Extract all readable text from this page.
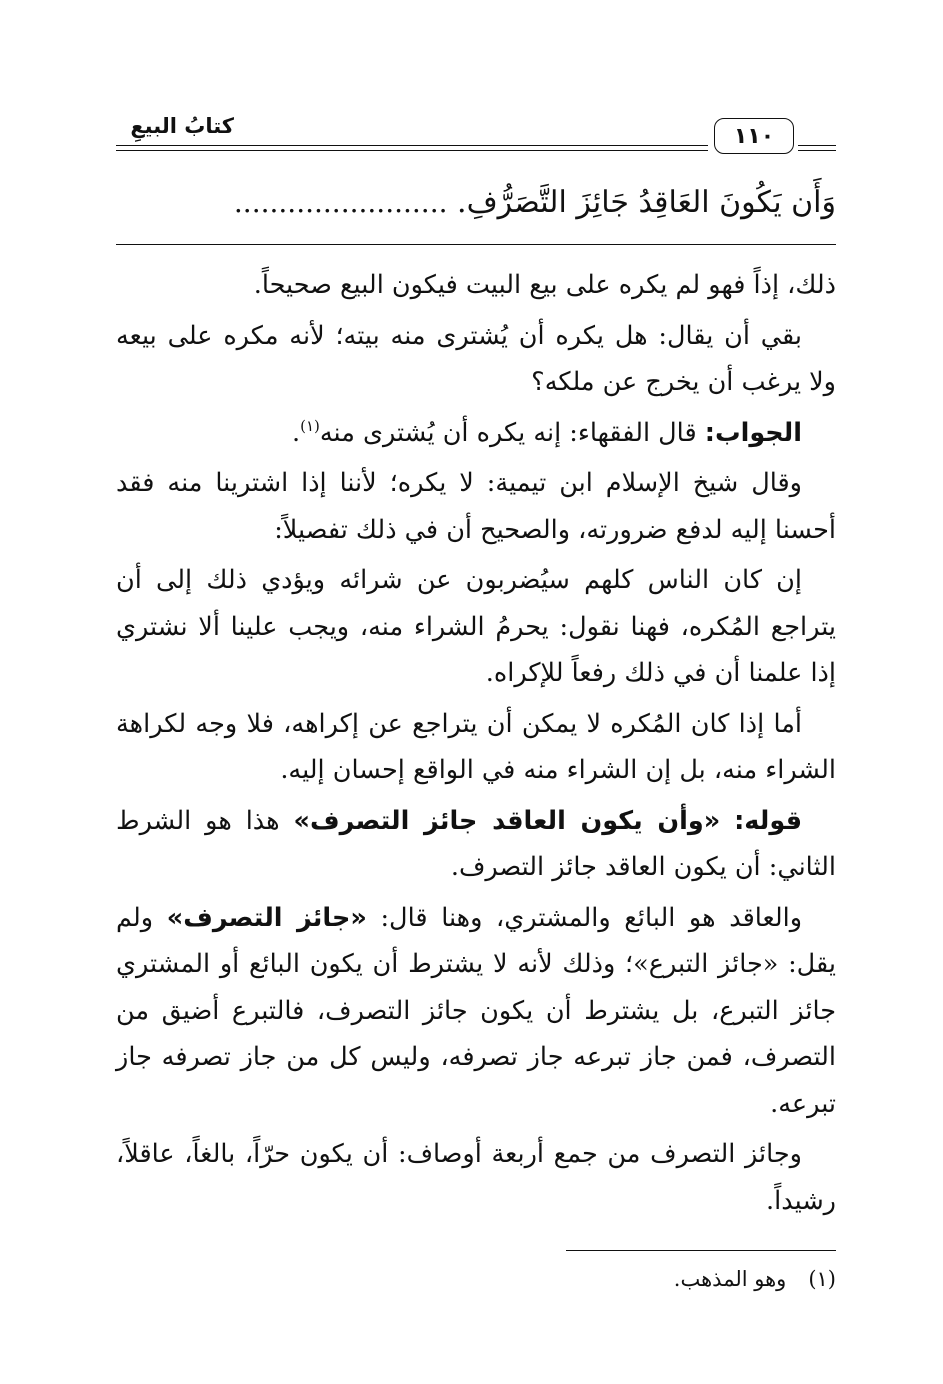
١١٠
كتابُ البيعِ
وَأَن يَكُونَ العَاقِدُ جَائِزَ التَّصَرُّفِ. ........................

ذلك، إذاً فهو لم يكره على بيع البيت فيكون البيع صحيحاً.

بقي أن يقال: هل يكره أن يُشترى منه بيته؛ لأنه مكره على بيعه ولا يرغب أن يخرج عن ملكه؟

الجواب: قال الفقهاء: إنه يكره أن يُشترى منه$^{(١)}$.

وقال شيخ الإسلام ابن تيمية: لا يكره؛ لأننا إذا اشترينا منه فقد أحسنا إليه لدفع ضرورته، والصحيح أن في ذلك تفصيلاً:

إن كان الناس كلهم سيُضربون عن شرائه ويؤدي ذلك إلى أن يتراجع المُكره، فهنا نقول: يحرمُ الشراء منه، ويجب علينا ألا نشتري إذا علمنا أن في ذلك رفعاً للإكراه.

أما إذا كان المُكره لا يمكن أن يتراجع عن إكراهه، فلا وجه لكراهة الشراء منه، بل إن الشراء منه في الواقع إحسان إليه.

قوله: «وأن يكون العاقد جائز التصرف» هذا هو الشرط الثاني: أن يكون العاقد جائز التصرف.

والعاقد هو البائع والمشتري، وهنا قال: «جائز التصرف» ولم يقل: «جائز التبرع»؛ وذلك لأنه لا يشترط أن يكون البائع أو المشتري جائز التبرع، بل يشترط أن يكون جائز التصرف، فالتبرع أضيق من التصرف، فمن جاز تبرعه جاز تصرفه، وليس كل من جاز تصرفه جاز تبرعه.

وجائز التصرف من جمع أربعة أوصاف: أن يكون حرّاً، بالغاً، عاقلاً، رشيداً.

(١)وهو المذهب.
